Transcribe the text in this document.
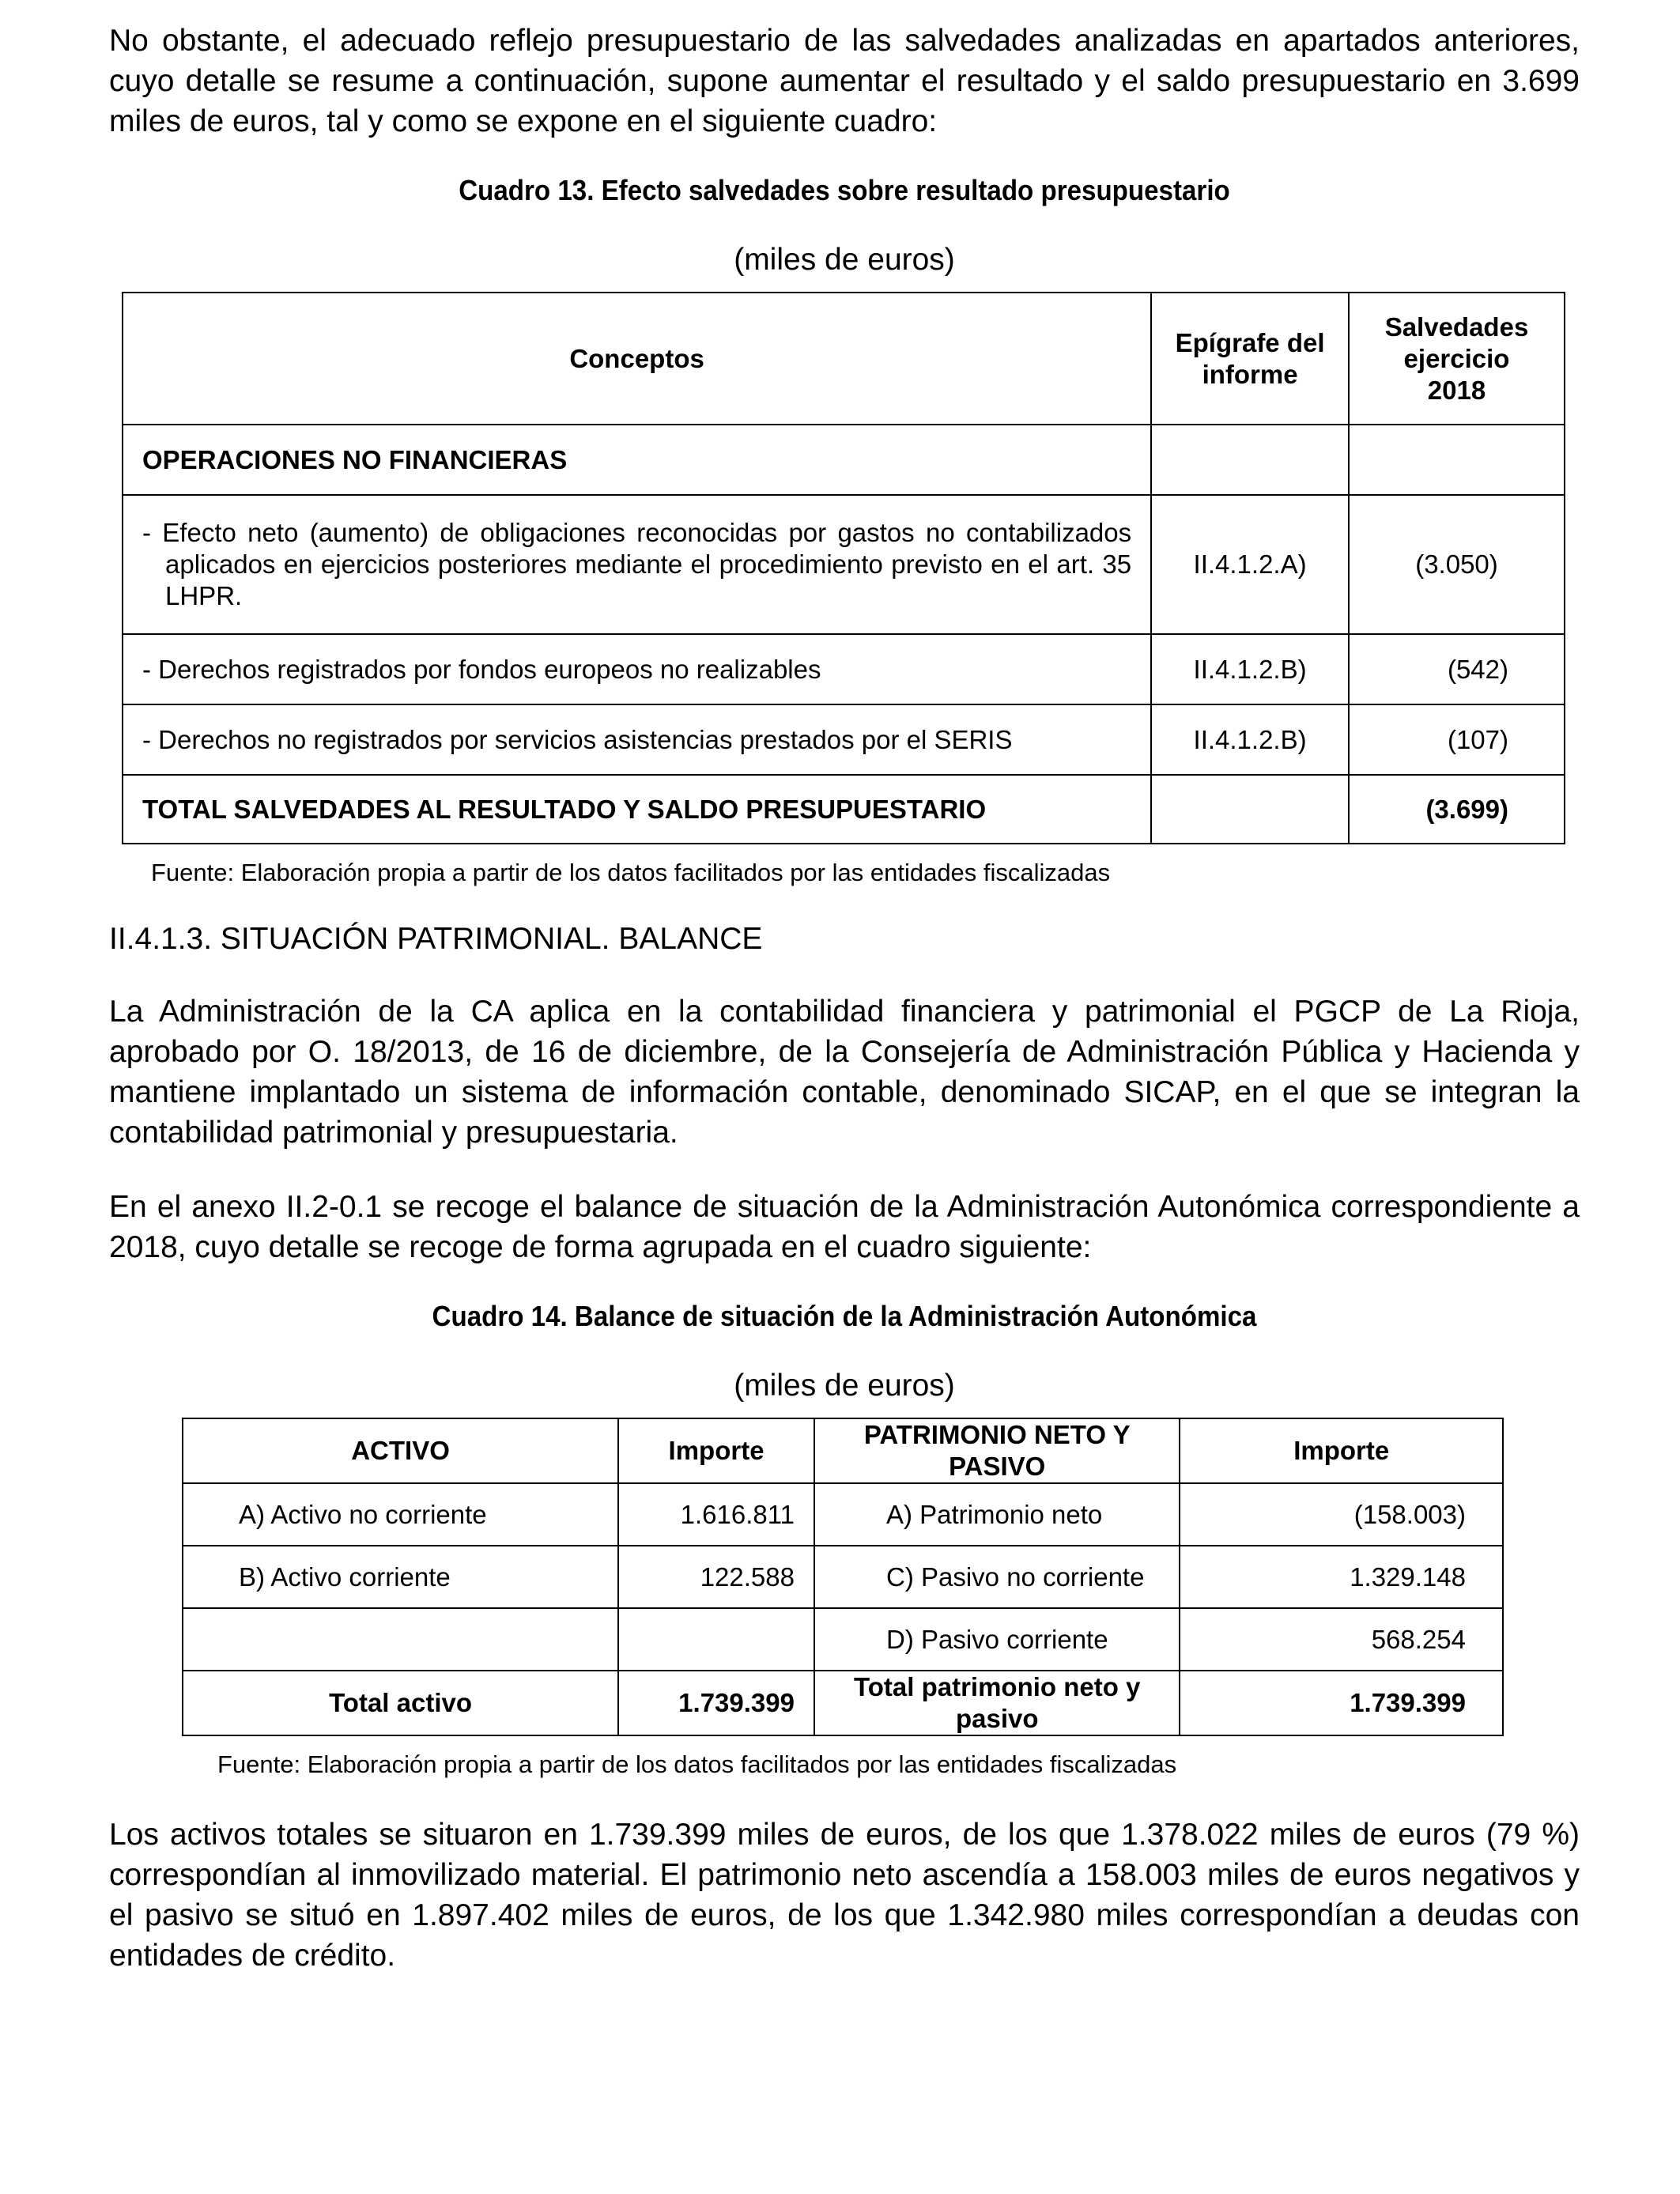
No obstante, el adecuado reflejo presupuestario de las salvedades analizadas en apartados anteriores, cuyo detalle se resume a continuación, supone aumentar el resultado y el saldo presupuestario en 3.699 miles de euros, tal y como se expone en el siguiente cuadro:

Cuadro 13. Efecto salvedades sobre resultado presupuestario
(miles de euros)
Conceptos	Epígrafe del informe	Salvedades ejercicio 2018
OPERACIONES NO FINANCIERAS		
- Efecto neto (aumento) de obligaciones reconocidas por gastos no contabilizados aplicados en ejercicios posteriores mediante el procedimiento previsto en el art. 35 LHPR.	II.4.1.2.A)	(3.050)
- Derechos registrados por fondos europeos no realizables	II.4.1.2.B)	(542)
- Derechos no registrados por servicios asistencias prestados por el SERIS	II.4.1.2.B)	(107)
TOTAL SALVEDADES AL RESULTADO Y SALDO PRESUPUESTARIO		(3.699)
Fuente: Elaboración propia a partir de los datos facilitados por las entidades fiscalizadas
II.4.1.3. SITUACIÓN PATRIMONIAL. BALANCE

La Administración de la CA aplica en la contabilidad financiera y patrimonial el PGCP de La Rioja, aprobado por O. 18/2013, de 16 de diciembre, de la Consejería de Administración Pública y Hacienda y mantiene implantado un sistema de información contable, denominado SICAP, en el que se integran la contabilidad patrimonial y presupuestaria.

En el anexo II.2-0.1 se recoge el balance de situación de la Administración Autonómica correspondiente a 2018, cuyo detalle se recoge de forma agrupada en el cuadro siguiente:

Cuadro 14. Balance de situación de la Administración Autonómica
(miles de euros)
ACTIVO	Importe	PATRIMONIO NETO Y PASIVO	Importe
A) Activo no corriente	1.616.811	A) Patrimonio neto	(158.003)
B) Activo corriente	122.588	C) Pasivo no corriente	1.329.148
		D) Pasivo corriente	568.254
Total activo	1.739.399	Total patrimonio neto y pasivo	1.739.399
Fuente: Elaboración propia a partir de los datos facilitados por las entidades fiscalizadas

Los activos totales se situaron en 1.739.399 miles de euros, de los que 1.378.022 miles de euros (79 %) correspondían al inmovilizado material. El patrimonio neto ascendía a 158.003 miles de euros negativos y el pasivo se situó en 1.897.402 miles de euros, de los que 1.342.980 miles correspondían a deudas con entidades de crédito.
